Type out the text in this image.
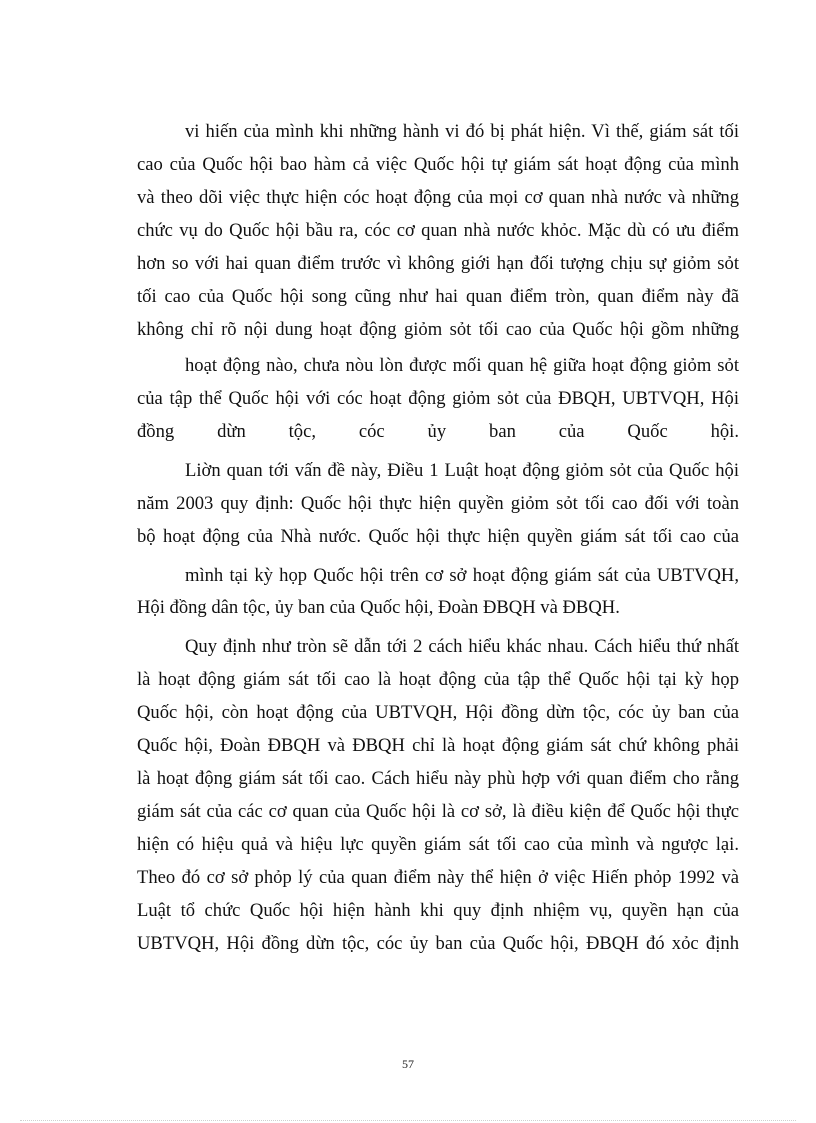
vi hiến của mình khi những hành vi đó bị phát hiện. Vì thế, giám sát tối

cao của Quốc hội bao hàm cả việc Quốc hội tự giám sát hoạt động của mình

và theo dõi việc thực hiện cóc hoạt động của mọi cơ quan nhà nước và những

chức vụ do Quốc hội bầu ra, cóc cơ quan nhà nước khỏc. Mặc dù có ưu điểm

hơn so với hai quan điểm trước vì không giới hạn đối tượng chịu sự giỏm sỏt

tối cao của Quốc hội song cũng như hai quan điểm tròn, quan điểm này đã

không chỉ rõ nội dung hoạt động giỏm sỏt tối cao của Quốc hội gồm những

hoạt động nào, chưa nòu lòn được mối quan hệ giữa hoạt động giỏm sỏt

của tập thể Quốc hội với cóc hoạt động giỏm sỏt của ĐBQH, UBTVQH, Hội

đồng dừn tộc, cóc ủy ban của Quốc hội.

Liờn quan tới vấn đề này, Điều 1 Luật hoạt động giỏm sỏt của Quốc hội

năm 2003 quy định: Quốc hội thực hiện quyền giỏm sỏt tối cao đối với toàn

bộ hoạt động của Nhà nước. Quốc hội thực hiện quyền giám sát tối cao của

mình tại kỳ họp Quốc hội trên cơ sở hoạt động giám sát của UBTVQH,

Hội đồng dân tộc, ủy ban của Quốc hội, Đoàn ĐBQH và ĐBQH.

Quy định như tròn sẽ dẫn tới 2 cách hiểu khác nhau. Cách hiểu thứ nhất

là hoạt động giám sát tối cao là hoạt động của tập thể Quốc hội tại kỳ họp

Quốc hội, còn hoạt động của UBTVQH, Hội đồng dừn tộc, cóc ủy ban của

Quốc hội, Đoàn ĐBQH và ĐBQH chỉ là hoạt động giám sát chứ không phải

là hoạt động giám sát tối cao. Cách hiểu này phù hợp với quan điểm cho rằng

giám sát của các cơ quan của Quốc hội là cơ sở, là điều kiện để Quốc hội thực

hiện có hiệu quả và hiệu lực quyền giám sát tối cao của mình và ngược lại.

Theo đó cơ sở phỏp lý của quan điểm này thể hiện ở việc Hiến phỏp 1992 và

Luật tổ chức Quốc hội hiện hành khi quy định nhiệm vụ, quyền hạn của

UBTVQH, Hội đồng dừn tộc, cóc ủy ban của Quốc hội, ĐBQH đó xỏc định

57
